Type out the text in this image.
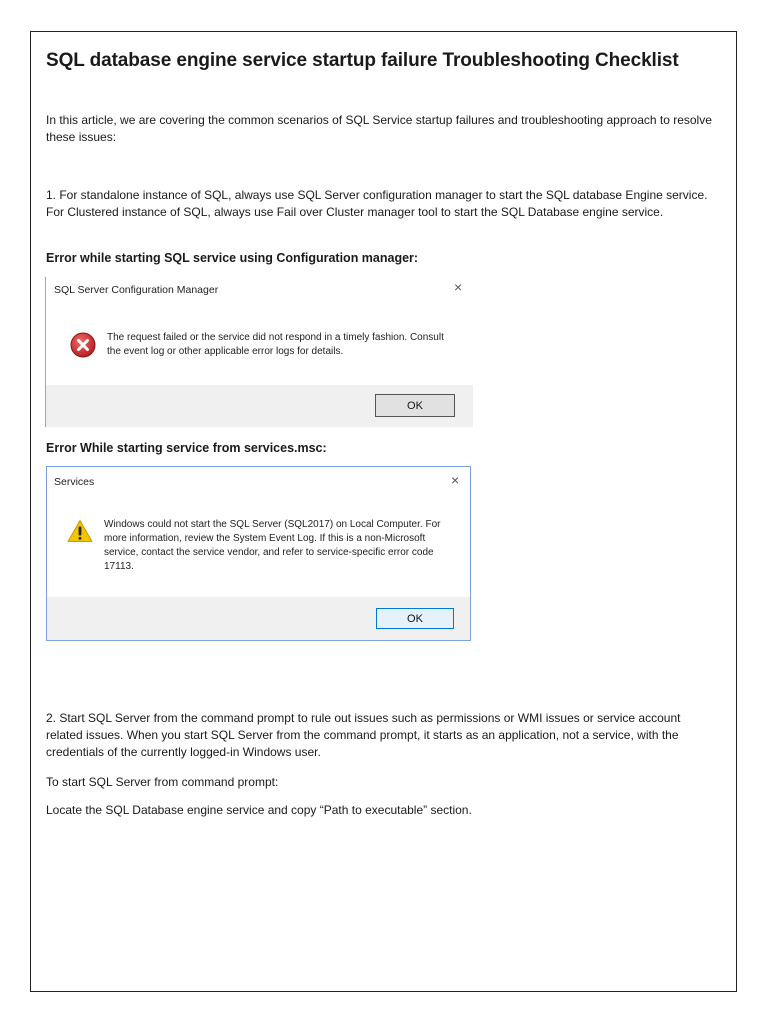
SQL database engine service startup failure Troubleshooting Checklist
In this article, we are covering the common scenarios of SQL Service startup failures and troubleshooting approach to resolve these issues:
1. For standalone instance of SQL, always use SQL Server configuration manager to start the SQL database Engine service. For Clustered instance of SQL, always use Fail over Cluster manager tool to start the SQL Database engine service.
Error while starting SQL service using Configuration manager:
SQL Server Configuration Manager	×
The request failed or the service did not respond in a timely fashion. Consult the event log or other applicable error logs for details.
OK
Error While starting service from services.msc:
Services	×
Windows could not start the SQL Server (SQL2017) on Local Computer. For more information, review the System Event Log. If this is a non-Microsoft service, contact the service vendor, and refer to service-specific error code 17113.
OK
2. Start SQL Server from the command prompt to rule out issues such as permissions or WMI issues or service account related issues. When you start SQL Server from the command prompt, it starts as an application, not a service, with the credentials of the currently logged-in Windows user.
To start SQL Server from command prompt:
Locate the SQL Database engine service and copy “Path to executable” section.
